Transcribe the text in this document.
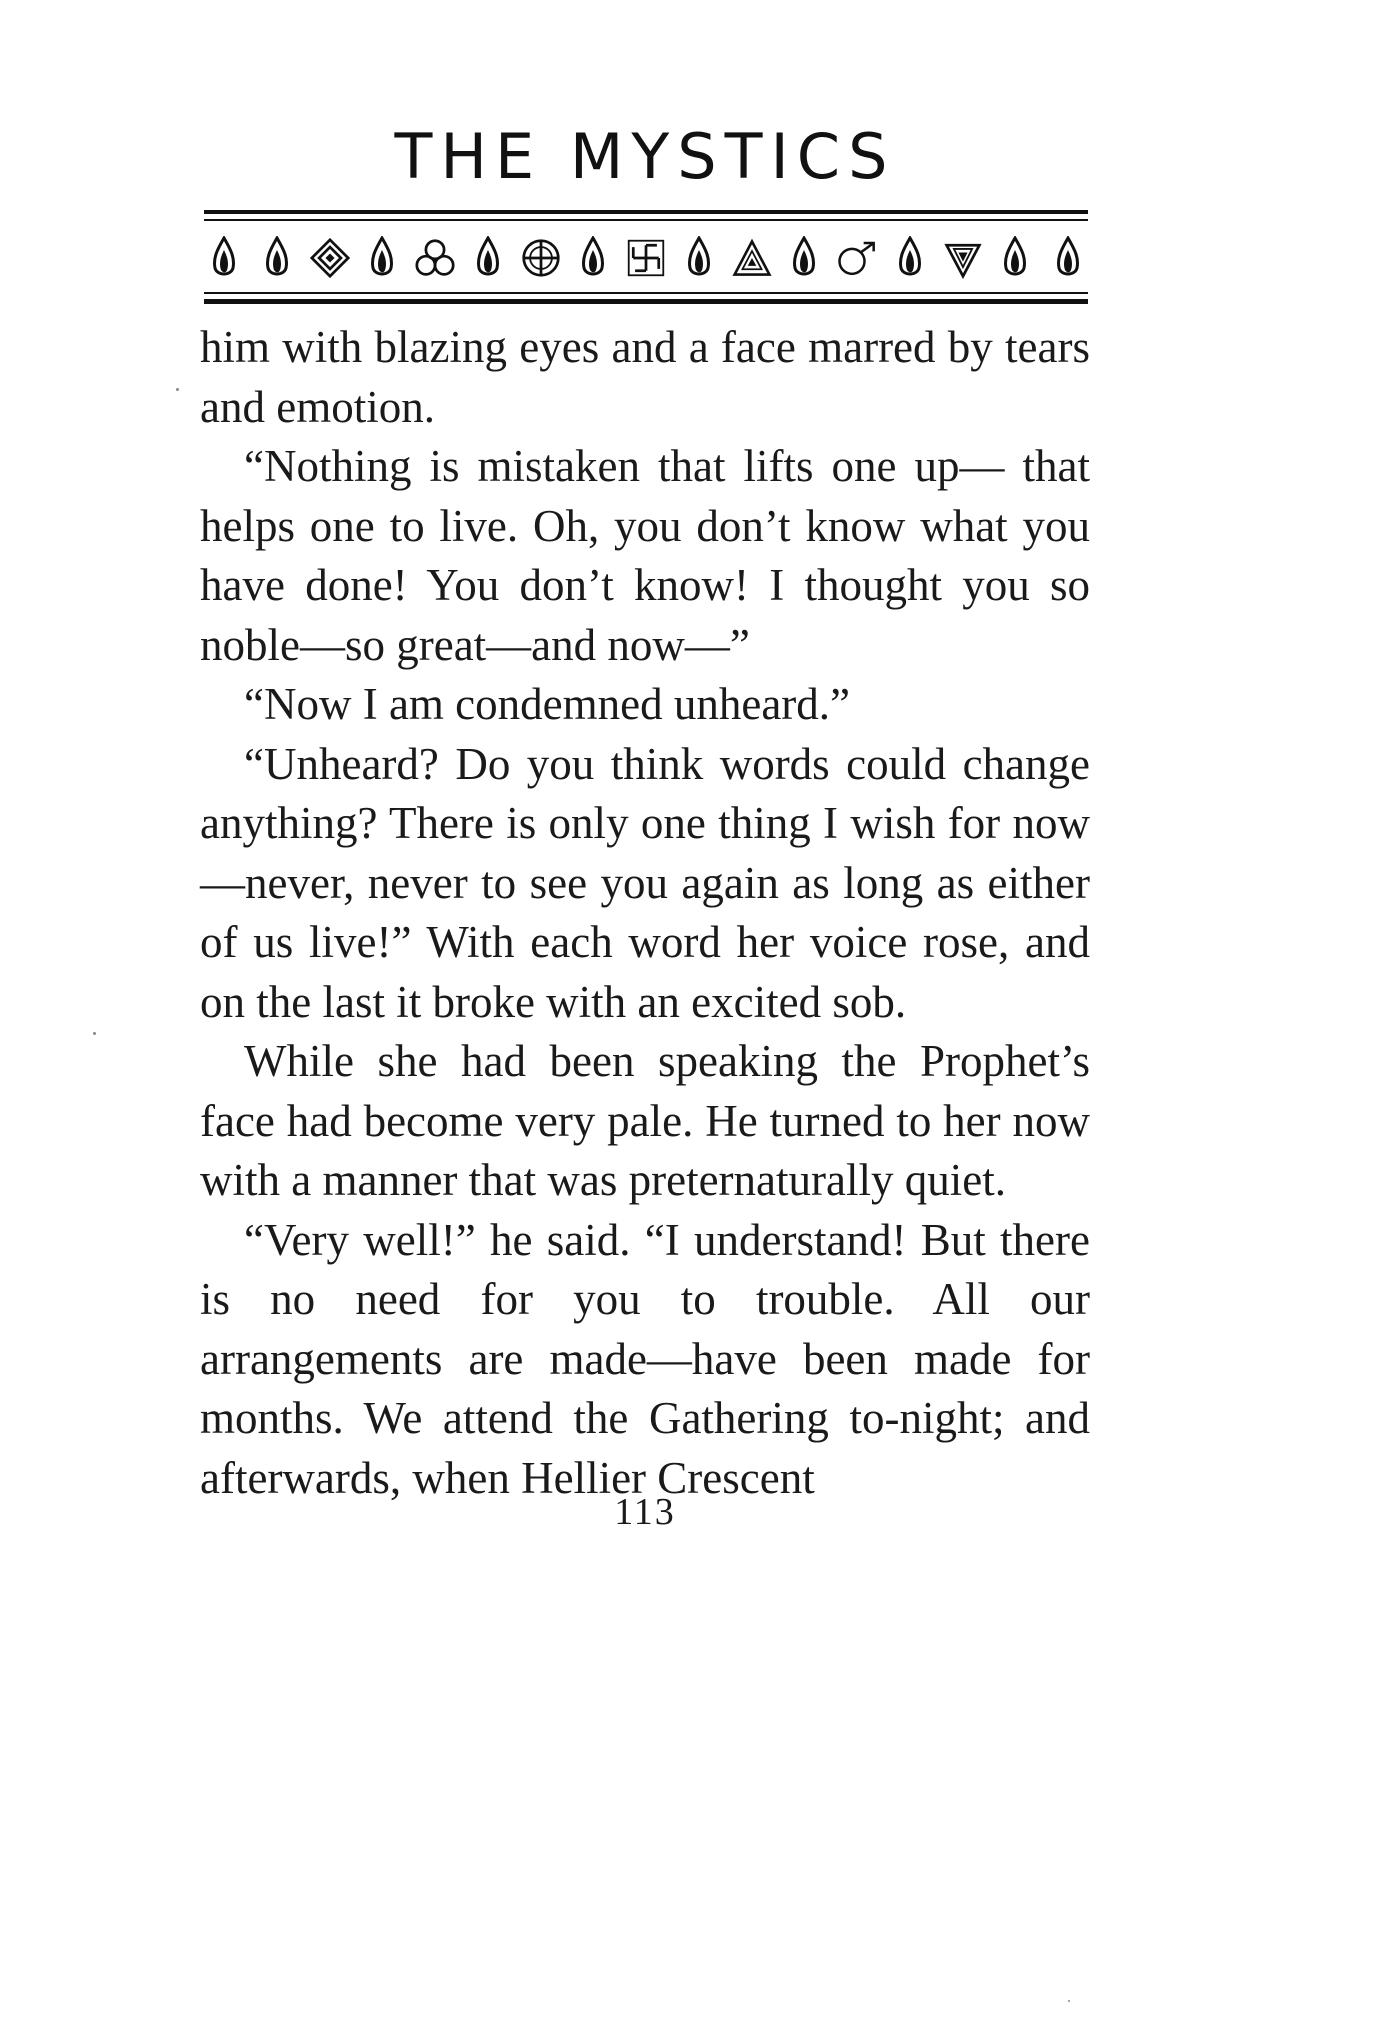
THE MYSTICS

him with blazing eyes and a face marred by tears and emotion.

“Nothing is mistaken that lifts one up— that helps one to live. Oh, you don’t know what you have done! You don’t know! I thought you so noble—so great—and now—”

“Now I am condemned unheard.”

“Unheard? Do you think words could change anything? There is only one thing I wish for now—never, never to see you again as long as either of us live!” With each word her voice rose, and on the last it broke with an excited sob.

While she had been speaking the Prophet’s face had become very pale. He turned to her now with a manner that was preternaturally quiet.

“Very well!” he said. “I understand! But there is no need for you to trouble. All our arrangements are made—have been made for months. We attend the Gathering to-night; and afterwards, when Hellier Crescent

113
